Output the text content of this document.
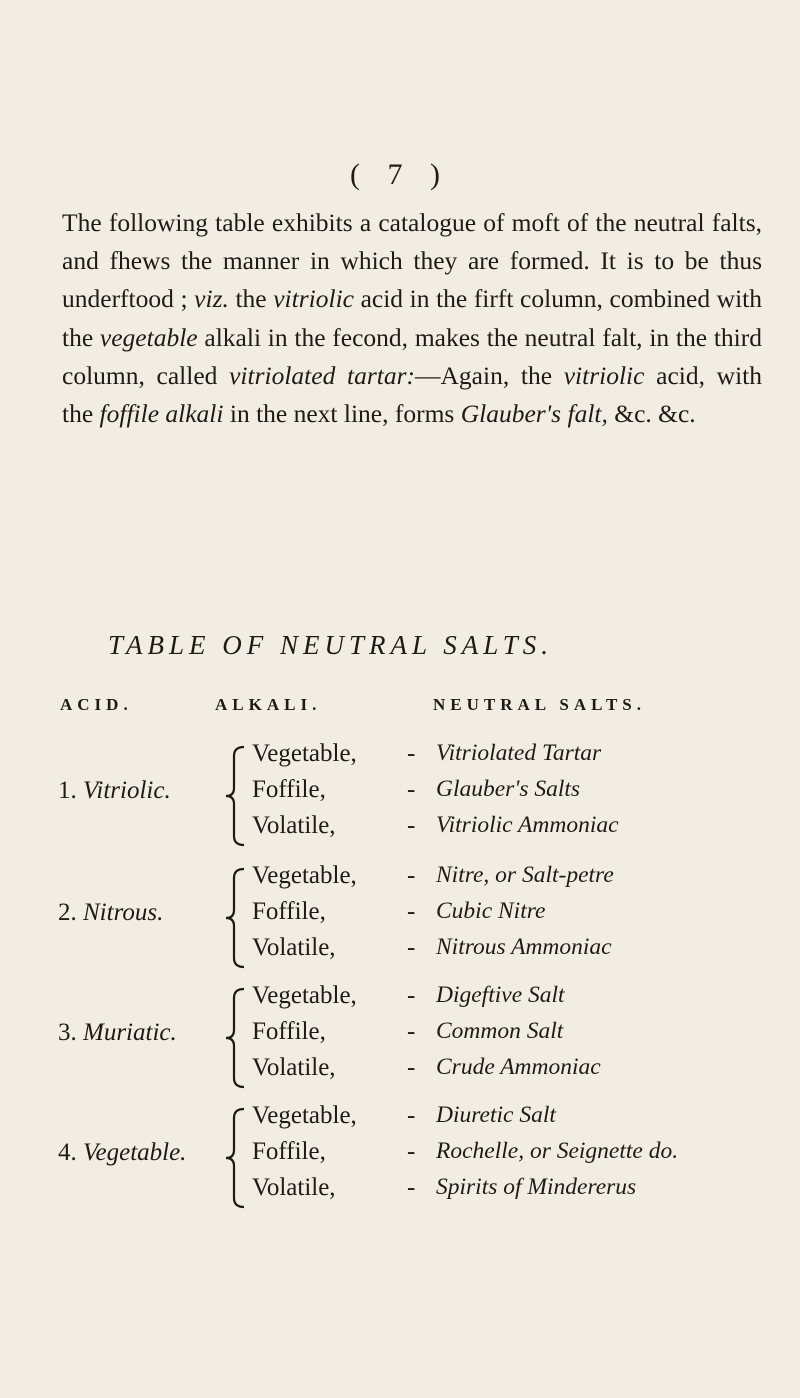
( 7 )
The following table exhibits a catalogue of moft of the neutral falts, and fhews the manner in which they are formed. It is to be thus underftood ; viz. the vitriolic acid in the firft column, combined with the vegetable alkali in the fecond, makes the neutral falt, in the third column, called vitriolated tartar:—Again, the vitriolic acid, with the foffile alkali in the next line, forms Glauber's falt, &c. &c.
TABLE OF NEUTRAL SALTS.
ACID.	ALKALI.	NEUTRAL SALTS.
1. Vitriolic.
Vegetable, - Vitriolated Tartar
Foffile,	- Glauber's Salts
Volatile,	- Vitriolic Ammoniac
2. Nitrous.
Vegetable, - Nitre, or Salt-petre
Foffile,	- Cubic Nitre
Volatile,	- Nitrous Ammoniac
3. Muriatic.
Vegetable, - Digeftive Salt
Foffile,	- Common Salt
Volatile,	- Crude Ammoniac
4. Vegetable.
Vegetable, - Diuretic Salt
Foffile,	- Rochelle, or Seignette do.
Volatile,	- Spirits of Mindererus
